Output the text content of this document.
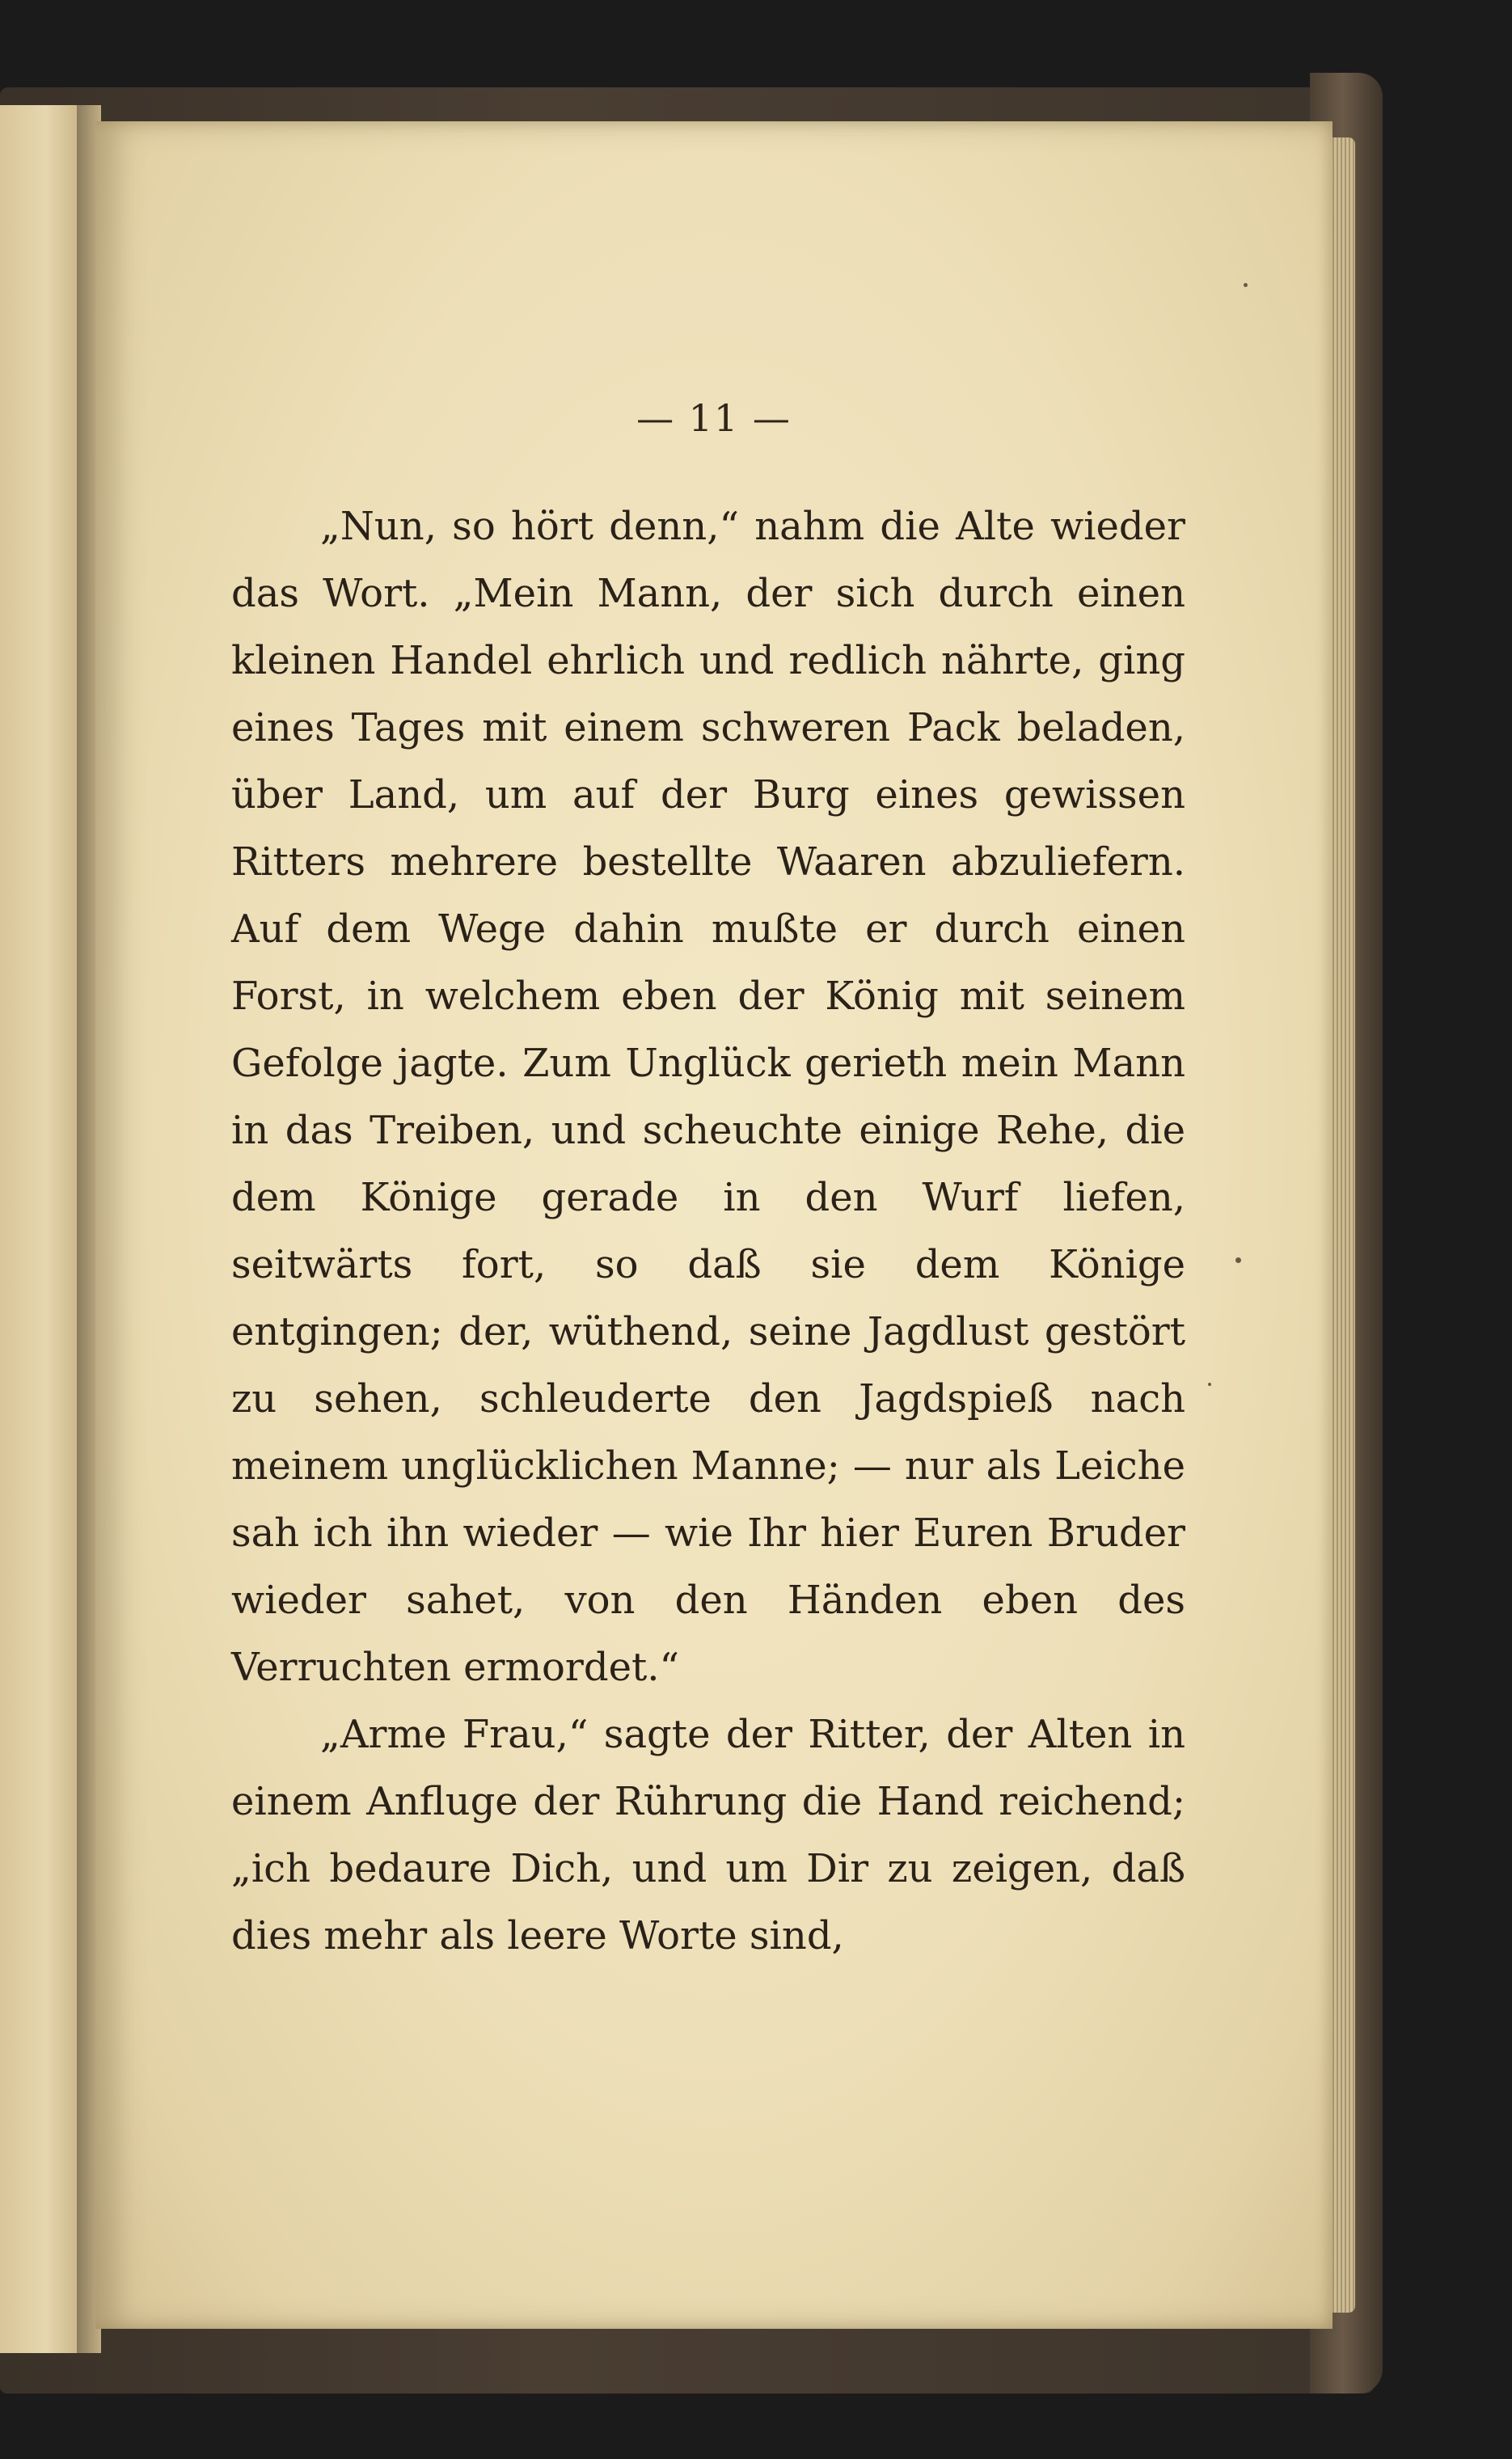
— 11 —

„Nun, so hört denn,“ nahm die Alte wieder das Wort. „Mein Mann, der sich durch einen kleinen Handel ehrlich und redlich nährte, ging eines Tages mit einem schweren Pack beladen, über Land, um auf der Burg eines gewissen Ritters mehrere bestellte Waaren abzuliefern. Auf dem Wege dahin mußte er durch einen Forst, in welchem eben der König mit seinem Gefolge jagte. Zum Unglück gerieth mein Mann in das Treiben, und scheuchte einige Rehe, die dem Könige gerade in den Wurf liefen, seitwärts fort, so daß sie dem Könige entgingen; der, wüthend, seine Jagdlust gestört zu sehen, schleuderte den Jagdspieß nach meinem unglücklichen Manne; — nur als Leiche sah ich ihn wieder — wie Ihr hier Euren Bruder wieder sahet, von den Händen eben des Verruchten ermordet.“

„Arme Frau,“ sagte der Ritter, der Alten in einem Anfluge der Rührung die Hand reichend; „ich bedaure Dich, und um Dir zu zeigen, daß dies mehr als leere Worte sind,
